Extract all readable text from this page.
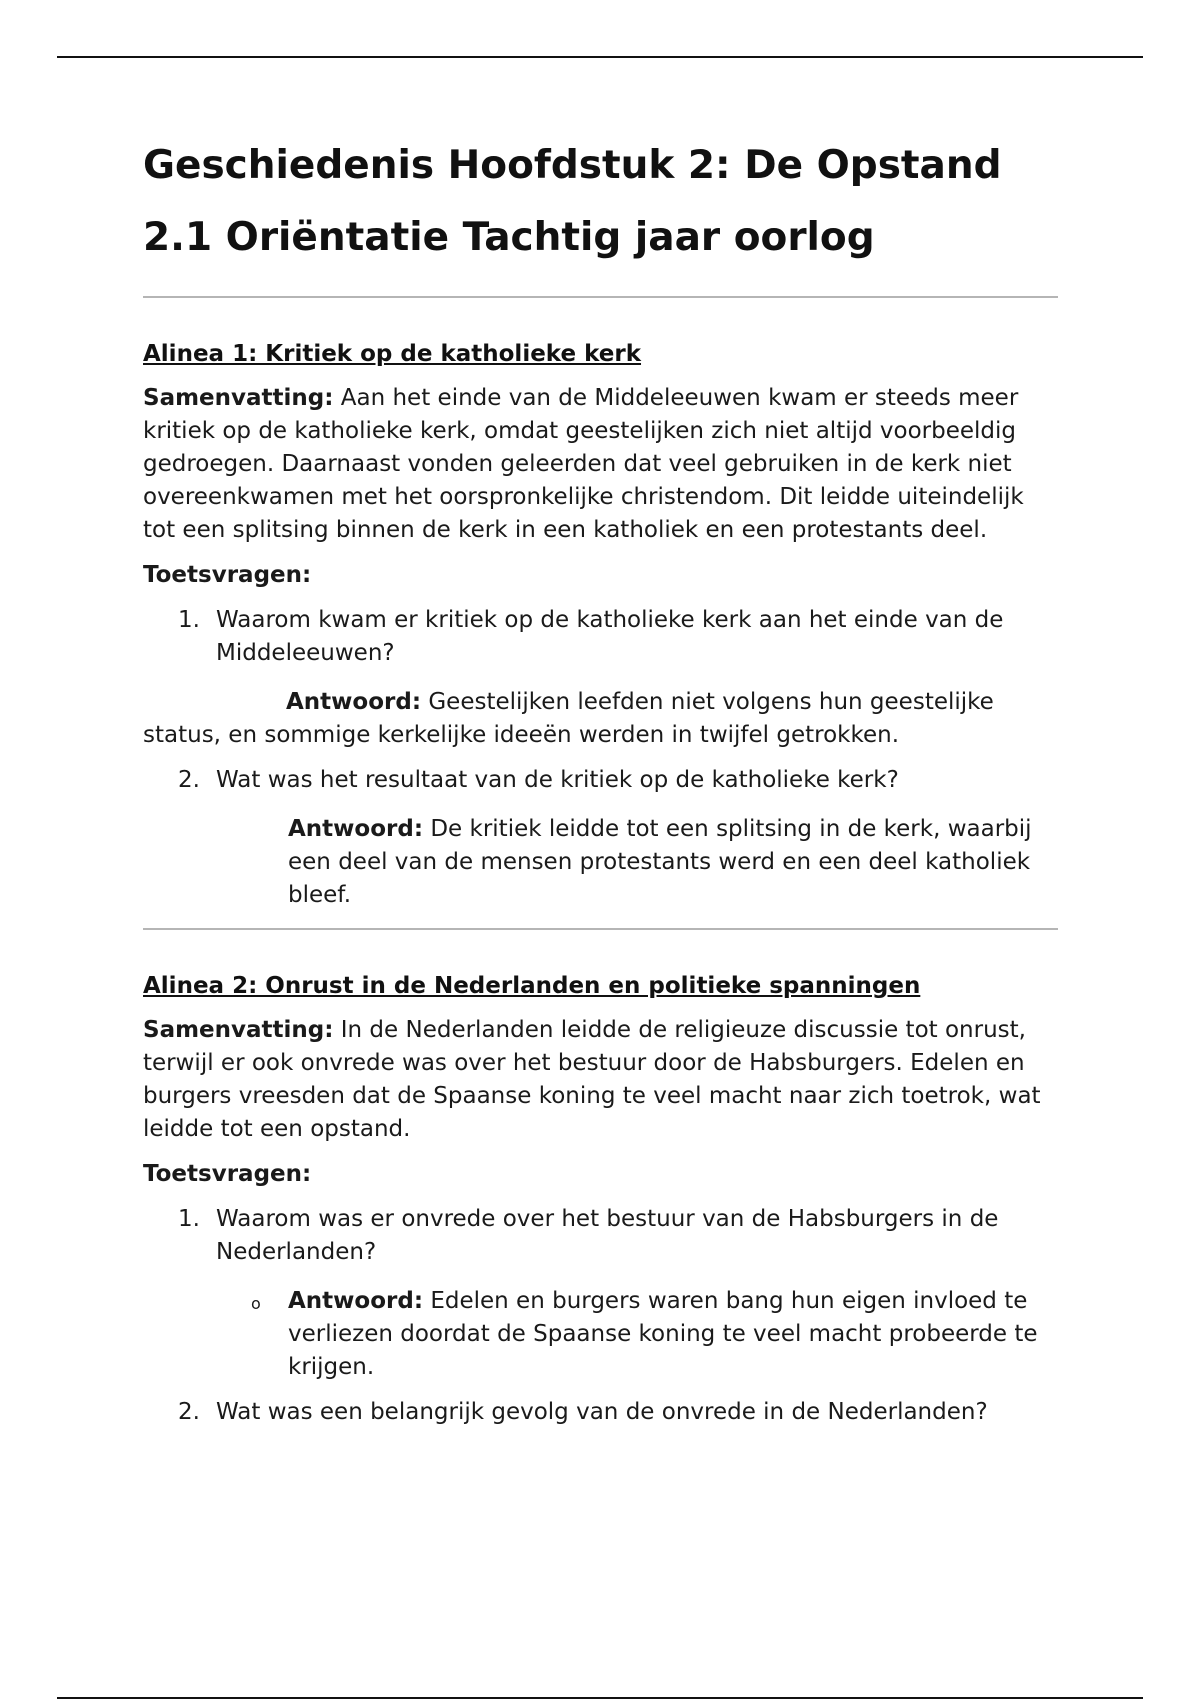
Geschiedenis Hoofdstuk 2: De Opstand
2.1 Oriëntatie Tachtig jaar oorlog
Alinea 1: Kritiek op de katholieke kerk

Samenvatting: Aan het einde van de Middeleeuwen kwam er steeds meer kritiek op de katholieke kerk, omdat geestelijken zich niet altijd voorbeeldig gedroegen. Daarnaast vonden geleerden dat veel gebruiken in de kerk niet overeenkwamen met het oorspronkelijke christendom. Dit leidde uiteindelijk tot een splitsing binnen de kerk in een katholiek en een protestants deel.

Toetsvragen:

1. Waarom kwam er kritiek op de katholieke kerk aan het einde van de Middeleeuwen?

Antwoord: Geestelijken leefden niet volgens hun geestelijke status, en sommige kerkelijke ideeën werden in twijfel getrokken.

2. Wat was het resultaat van de kritiek op de katholieke kerk?
Antwoord: De kritiek leidde tot een splitsing in de kerk, waarbij een deel van de mensen protestants werd en een deel katholiek bleef.
Alinea 2: Onrust in de Nederlanden en politieke spanningen

Samenvatting: In de Nederlanden leidde de religieuze discussie tot onrust, terwijl er ook onvrede was over het bestuur door de Habsburgers. Edelen en burgers vreesden dat de Spaanse koning te veel macht naar zich toetrok, wat leidde tot een opstand.

Toetsvragen:

1. Waarom was er onvrede over het bestuur van de Habsburgers in de Nederlanden?
o Antwoord: Edelen en burgers waren bang hun eigen invloed te verliezen doordat de Spaanse koning te veel macht probeerde te krijgen.
2. Wat was een belangrijk gevolg van de onvrede in de Nederlanden?
